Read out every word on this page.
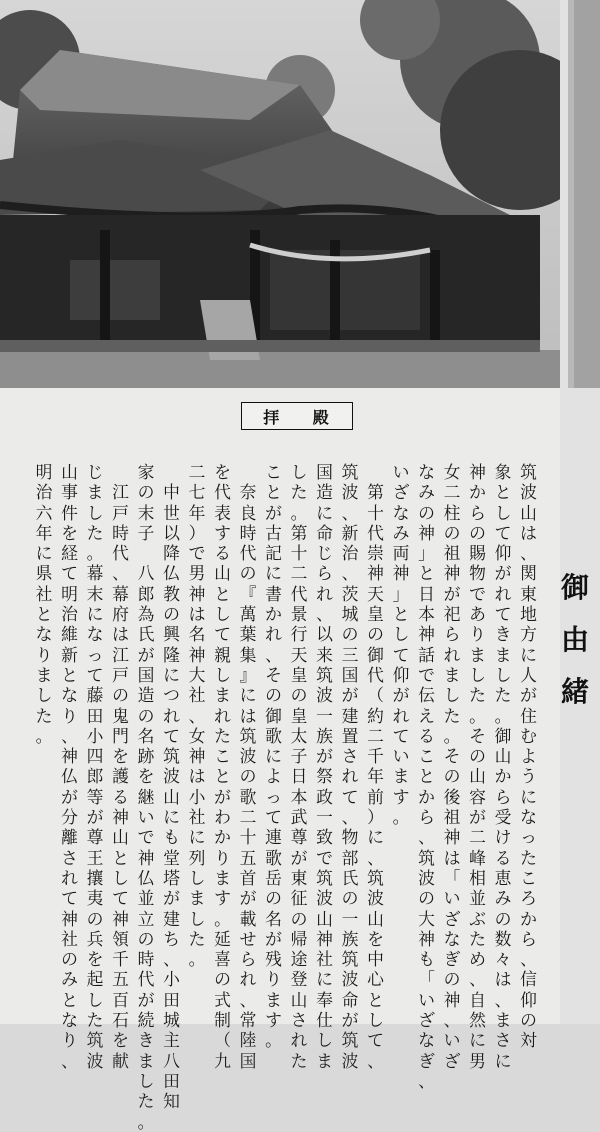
拝 殿
御
由
緒
筑
波
山
は
、
関
東
地
方
に
人
が
住
む
よ
う
に
な
っ
た
こ
ろ
か
ら
、
信
仰
の
対
象
と
し
て
仰
が
れ
て
き
ま
し
た
。
御
山
か
ら
受
け
る
恵
み
の
数
々
は
、
ま
さ
に
神
か
ら
の
賜
物
で
あ
り
ま
し
た
。
そ
の
山
容
が
二
峰
相
並
ぶ
た
め
、
自
然
に
男
女
二
柱
の
祖
神
が
祀
ら
れ
ま
し
た
。
そ
の
後
祖
神
は
「
い
ざ
な
ぎ
の
神
、
い
ざ
な
み
の
神
」
と
日
本
神
話
で
伝
え
る
こ
と
か
ら
、
筑
波
の
大
神
も
「
い
ざ
な
ぎ
、
い
ざ
な
み
両
神
」
と
し
て
仰
が
れ
て
い
ま
す
。
第
十
代
崇
神
天
皇
の
御
代
（
約
二
千
年
前
）
に
、
筑
波
山
を
中
心
と
し
て
、
筑
波
、
新
治
、
茨
城
の
三
国
が
建
置
さ
れ
て
、
物
部
氏
の
一
族
筑
波
命
が
筑
波
国
造
に
命
じ
ら
れ
、
以
来
筑
波
一
族
が
祭
政
一
致
で
筑
波
山
神
社
に
奉
仕
し
ま
し
た
。
第
十
二
代
景
行
天
皇
の
皇
太
子
日
本
武
尊
が
東
征
の
帰
途
登
山
さ
れ
た
こ
と
が
古
記
に
書
か
れ
、
そ
の
御
歌
に
よ
っ
て
連
歌
岳
の
名
が
残
り
ま
す
。
奈
良
時
代
の
『
萬
葉
集
』
に
は
筑
波
の
歌
二
十
五
首
が
載
せ
ら
れ
、
常
陸
国
を
代
表
す
る
山
と
し
て
親
し
ま
れ
た
こ
と
が
わ
か
り
ま
す
。
延
喜
の
式
制
（
九
二
七
年
）
で
男
神
は
名
神
大
社
、
女
神
は
小
社
に
列
し
ま
し
た
。
中
世
以
降
仏
教
の
興
隆
に
つ
れ
て
筑
波
山
に
も
堂
塔
が
建
ち
、
小
田
城
主
八
田
知
家
の
末
子

八
郎
為
氏
が
国
造
の
名
跡
を
継
い
で
神
仏
並
立
の
時
代
が
続
き
ま
し
た
。
江
戸
時
代
、
幕
府
は
江
戸
の
鬼
門
を
護
る
神
山
と
し
て
神
領
千
五
百
石
を
献
じ
ま
し
た
。
幕
末
に
な
っ
て
藤
田
小
四
郎
等
が
尊
王
攘
夷
の
兵
を
起
し
た
筑
波
山
事
件
を
経
て
明
治
維
新
と
な
り
、
神
仏
が
分
離
さ
れ
て
神
社
の
み
と
な
り
、
明
治
六
年
に
県
社
と
な
り
ま
し
た
。
